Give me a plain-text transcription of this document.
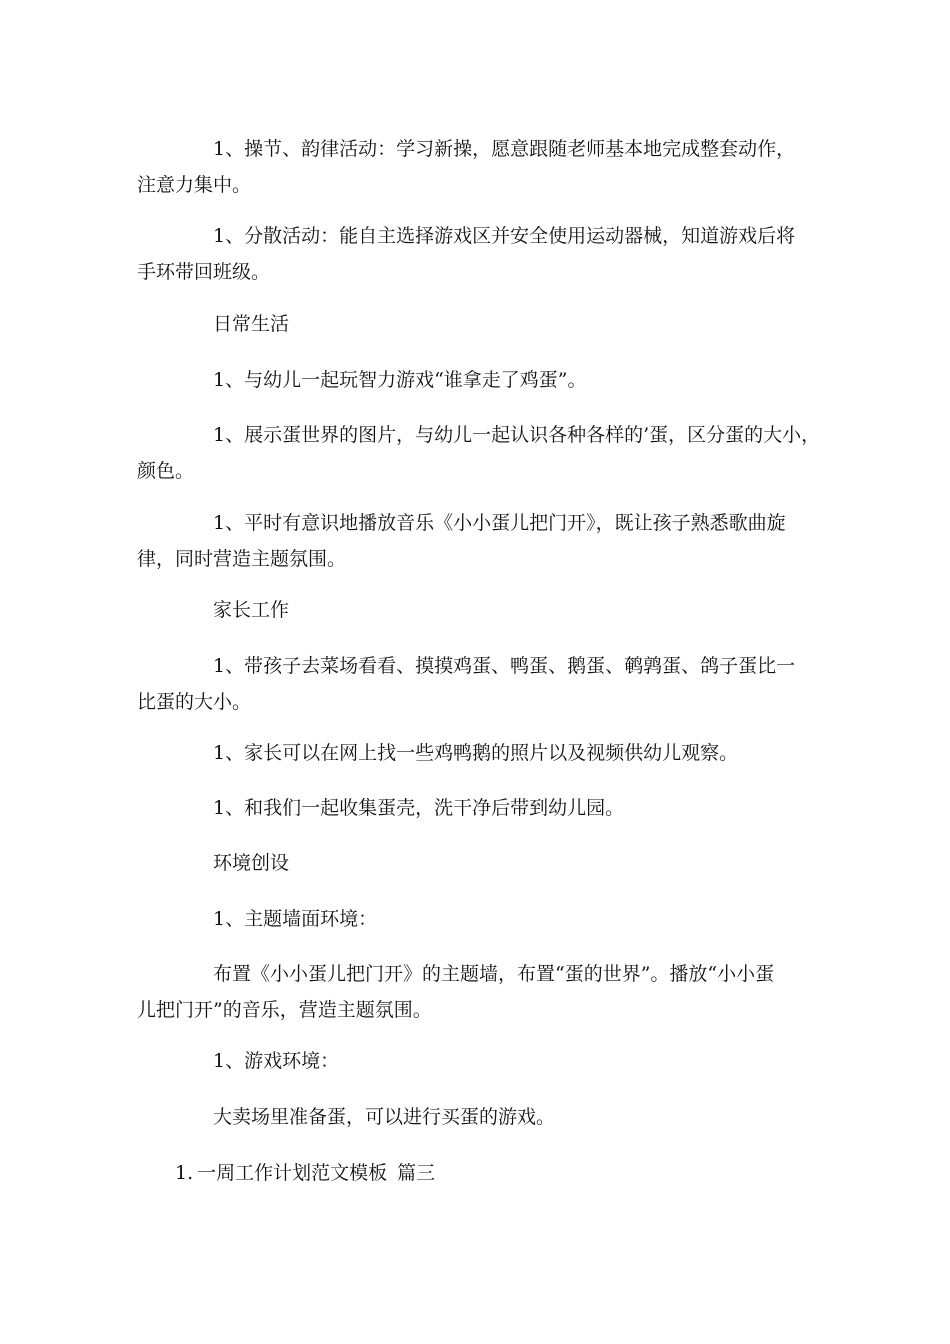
1、操节、韵律活动：学习新操，愿意跟随老师基本地完成整套动作，
注意力集中。

1、分散活动：能自主选择游戏区并安全使用运动器械，知道游戏后将
手环带回班级。

日常生活

1、与幼儿一起玩智力游戏“谁拿走了鸡蛋”。

1、展示蛋世界的图片，与幼儿一起认识各种各样的’蛋，区分蛋的大小，
颜色。

1、平时有意识地播放音乐《小小蛋儿把门开》，既让孩子熟悉歌曲旋
律，同时营造主题氛围。

家长工作

1、带孩子去菜场看看、摸摸鸡蛋、鸭蛋、鹅蛋、鹌鹑蛋、鸽子蛋比一
比蛋的大小。

1、家长可以在网上找一些鸡鸭鹅的照片以及视频供幼儿观察。

1、和我们一起收集蛋壳，洗干净后带到幼儿园。

环境创设

1、主题墙面环境：

布置《小小蛋儿把门开》的主题墙，布置“蛋的世界”。播放“小小蛋
儿把门开”的音乐，营造主题氛围。

1、游戏环境：

大卖场里准备蛋，可以进行买蛋的游戏。

1. 一周工作计划范文模板 篇三
